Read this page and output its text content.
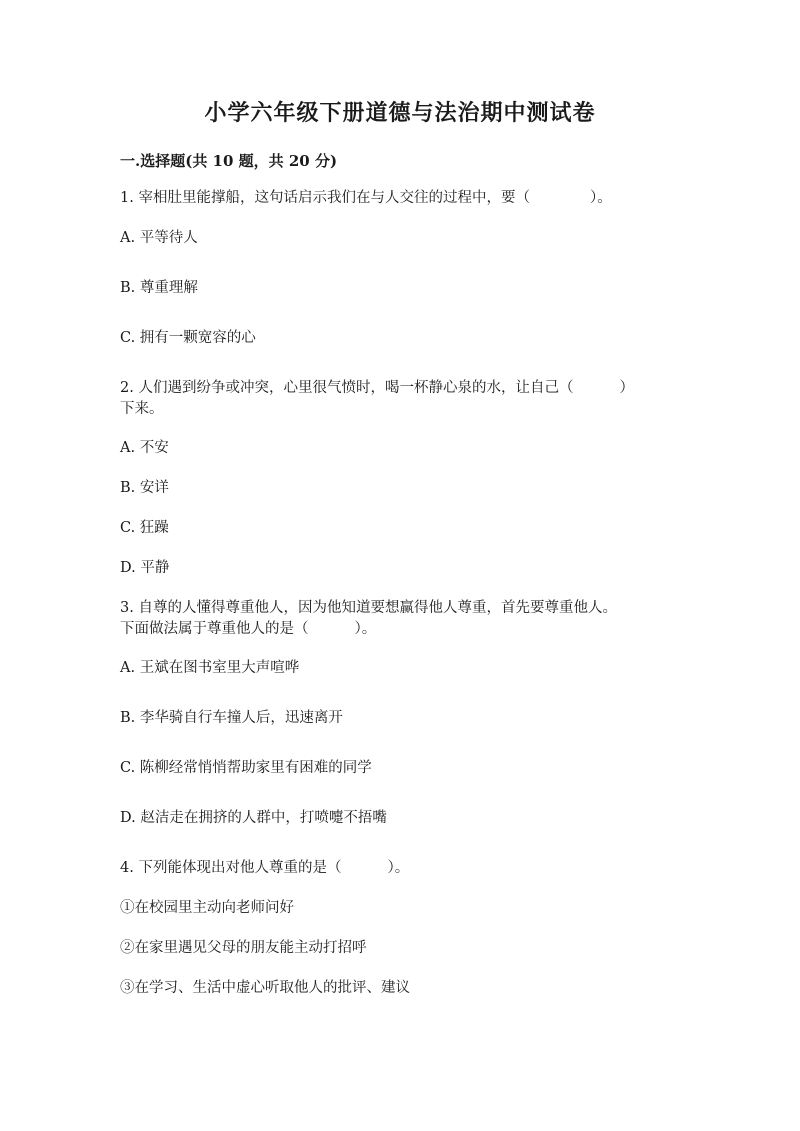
小学六年级下册道德与法治期中测试卷
一.选择题(共 10 题，共 20 分)
1. 宰相肚里能撑船，这句话启示我们在与人交往的过程中，要（	）。
A. 平等待人
B. 尊重理解
C. 拥有一颗宽容的心
2. 人们遇到纷争或冲突，心里很气愤时，喝一杯静心泉的水，让自己（	）
下来。
A. 不安
B. 安详
C. 狂躁
D. 平静
3. 自尊的人懂得尊重他人，因为他知道要想赢得他人尊重，首先要尊重他人。
下面做法属于尊重他人的是（	）。
A. 王斌在图书室里大声喧哗
B. 李华骑自行车撞人后，迅速离开
C. 陈柳经常悄悄帮助家里有困难的同学
D. 赵洁走在拥挤的人群中，打喷嚏不捂嘴
4. 下列能体现出对他人尊重的是（	）。
①在校园里主动向老师问好
②在家里遇见父母的朋友能主动打招呼
③在学习、生活中虚心听取他人的批评、建议
